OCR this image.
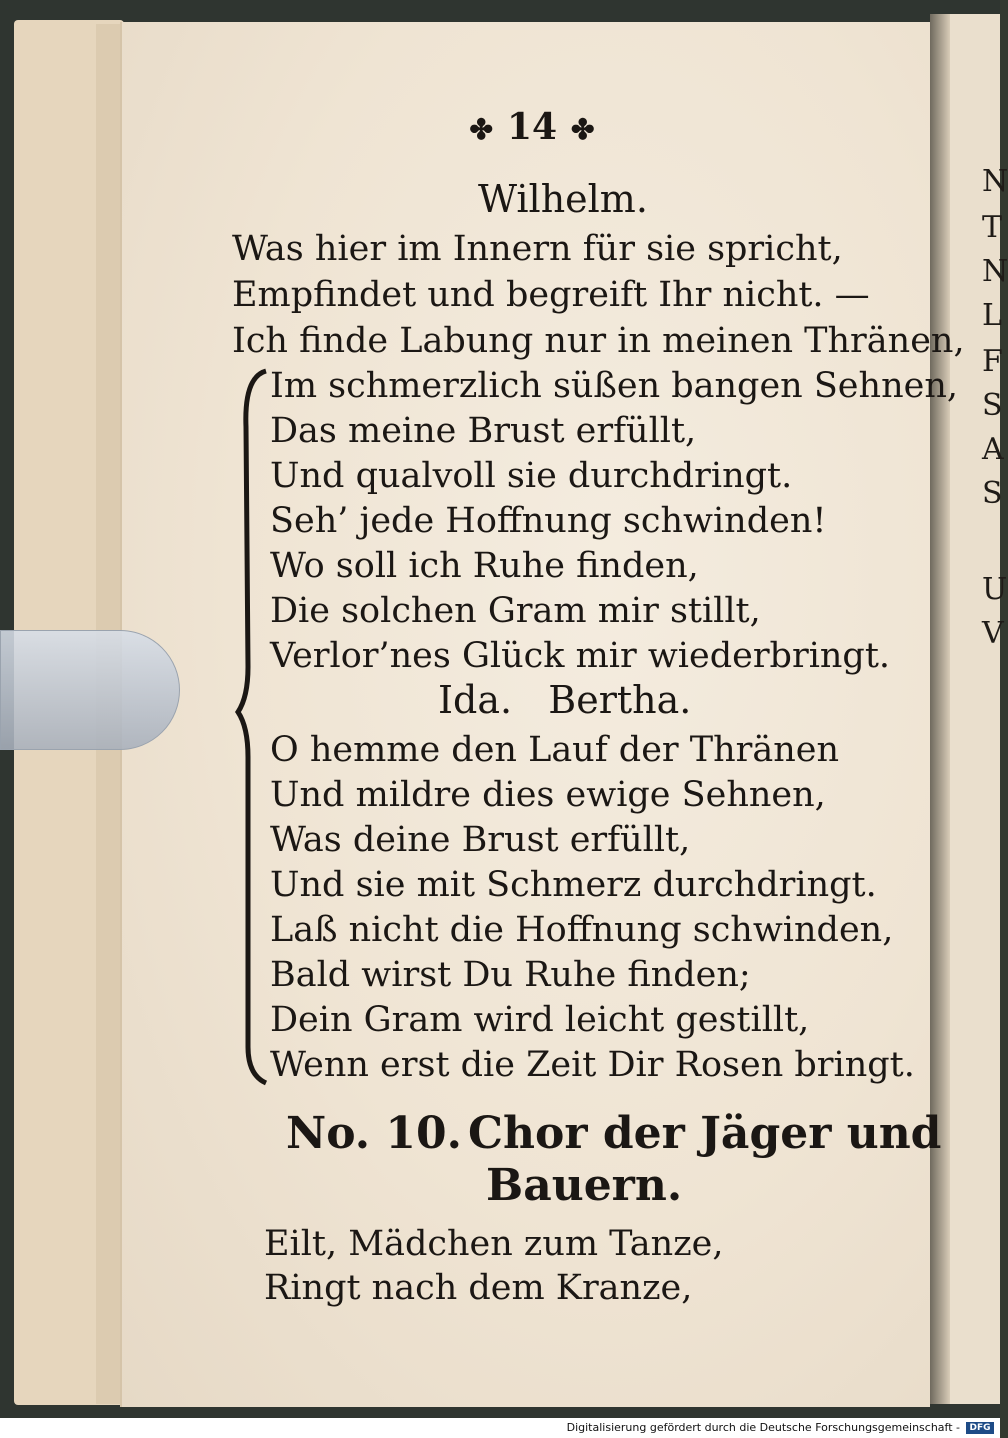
N
T
N
L
F
S
A
S
U
V
✤ 14 ✤
Wilhelm.
Was hier im Innern für sie spricht,
Empfindet und begreift Ihr nicht. —
Ich finde Labung nur in meinen Thränen,
Im schmerzlich süßen bangen Sehnen,
Das meine Brust erfüllt,
Und qualvoll sie durchdringt.
Seh’ jede Hoffnung schwinden!
Wo soll ich Ruhe finden,
Die solchen Gram mir stillt,
Verlor’nes Glück mir wiederbringt.
Ida.   Bertha.
O hemme den Lauf der Thränen
Und mildre dies ewige Sehnen,
Was deine Brust erfüllt,
Und sie mit Schmerz durchdringt.
Laß nicht die Hoffnung schwinden,
Bald wirst Du Ruhe finden;
Dein Gram wird leicht gestillt,
Wenn erst die Zeit Dir Rosen bringt.
No. 10. Chor der Jäger und
Bauern.
Eilt, Mädchen zum Tanze,
Ringt nach dem Kranze,
Digitalisierung gefördert durch die Deutsche Forschungsgemeinschaft -	DFG
